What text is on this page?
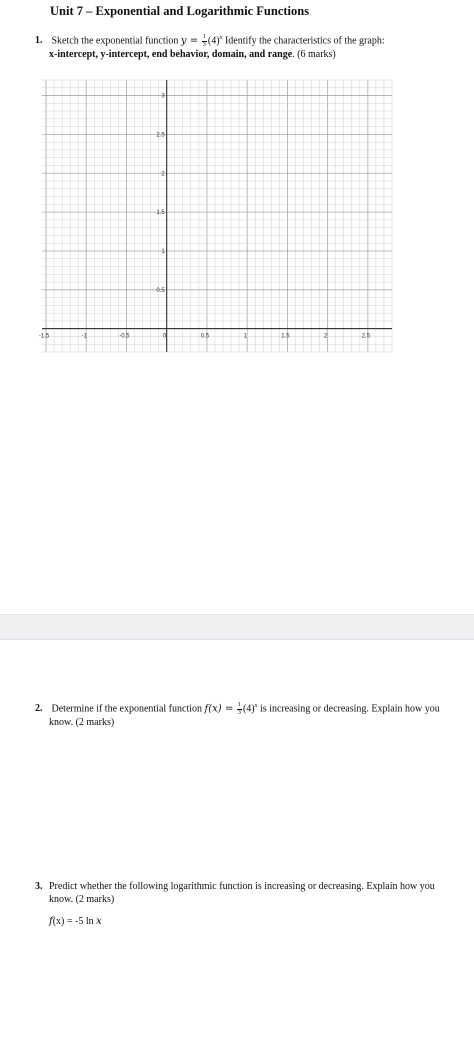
Unit 7 – Exponential and Logarithmic Functions
1. Sketch the exponential function $y = \frac{1}{3} (4)^x$ Identify the characteristics of the graph:
x-intercept, y-intercept, end behavior, domain, and range. (6 marks)
-1.5	-1	-0.5	0	0.5	1	1.5	2	2.5
0.5
1
1.5
2
2.5
3
2. Determine if the exponential function $f(x) = \frac{1}{3} (4)^x$ is increasing or decreasing. Explain how you
know. (2 marks)
3. Predict whether the following logarithmic function is increasing or decreasing. Explain how you
know. (2 marks)
f(x) = -5 ln x
